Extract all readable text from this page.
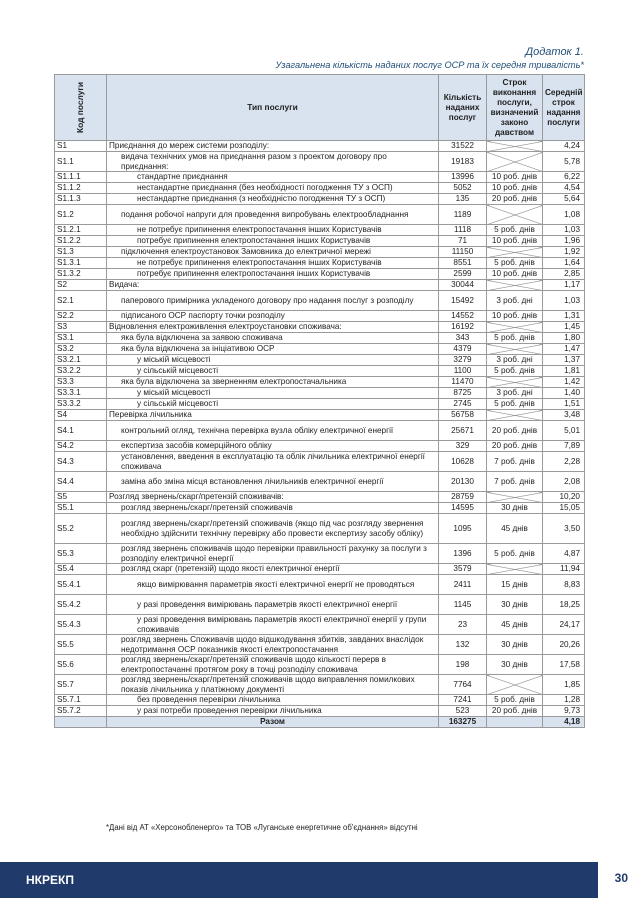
Додаток 1.
Узагальнена кількість наданих послуг ОСР та їх середня тривалість*
Код послуги	Тип послуги	Кількість наданих послуг	Строк виконання послуги, визначений законо давством	Середній строк надання послуги
S1	Приєднання до мереж системи розподілу:	31522		4,24
S1.1	видача технічних умов на приєднання разом з проектом договору про приєднання:	19183		5,78
S1.1.1	стандартне приєднання	13996	10 роб. днів	6,22
S1.1.2	нестандартне приєднання (без необхідності погодження ТУ з ОСП)	5052	10 роб. днів	4,54
S1.1.3	нестандартне приєднання (з необхідністю погодження ТУ з ОСП)	135	20 роб. днів	5,64
S1.2	подання робочої напруги для проведення випробувань електрообладнання	1189		1,08
S1.2.1	не потребує припинення електропостачання інших Користувачів	1118	5 роб. днів	1,03
S1.2.2	потребує припинення електропостачання інших Користувачів	71	10 роб. днів	1,96
S1.3	підключення електроустановок Замовника до електричної мережі	11150		1,92
S1.3.1	не потребує припинення електропостачання інших Користувачів	8551	5 роб. днів	1,64
S1.3.2	потребує припинення електропостачання інших Користувачів	2599	10 роб. днів	2,85
S2	Видача:	30044		1,17
S2.1	паперового примірника укладеного договору про надання послуг з розподілу	15492	3 роб. дні	1,03
S2.2	підписаного ОСР паспорту точки розподілу	14552	10 роб. днів	1,31
S3	Відновлення електроживлення електроустановки споживача:	16192		1,45
S3.1	яка була відключена за заявою споживача	343	5 роб. днів	1,80
S3.2	яка була відключена за ініціативою ОСР	4379		1,47
S3.2.1	у міській місцевості	3279	3 роб. дні	1,37
S3.2.2	у сільській місцевості	1100	5 роб. днів	1,81
S3.3	яка була відключена за зверненням електропостачальника	11470		1,42
S3.3.1	у міській місцевості	8725	3 роб. дні	1,40
S3.3.2	у сільській місцевості	2745	5 роб. днів	1,51
S4	Перевірка лічильника	56758		3,48
S4.1	контрольний огляд, технічна перевірка вузла обліку електричної енергії	25671	20 роб. днів	5,01
S4.2	експертиза засобів комерційного обліку	329	20 роб. днів	7,89
S4.3	установлення, введення в експлуатацію та облік лічильника електричної енергії споживача	10628	7 роб. днів	2,28
S4.4	заміна або зміна місця встановлення лічильників електричної енергії	20130	7 роб. днів	2,08
S5	Розгляд звернень/скарг/претензій споживачів:	28759		10,20
S5.1	розгляд звернень/скарг/претензій споживачів	14595	30 днів	15,05
S5.2	розгляд звернень/скарг/претензій споживачів (якщо під час розгляду звернення необхідно здійснити технічну перевірку або провести експертизу засобу обліку)	1095	45 днів	3,50
S5.3	розгляд звернень споживачів щодо перевірки правильності рахунку за послуги з розподілу електричної енергії	1396	5 роб. днів	4,87
S5.4	розгляд скарг (претензій) щодо якості електричної енергії	3579		11,94
S5.4.1	якщо вимірювання параметрів якості електричної енергії не проводяться	2411	15 днів	8,83
S5.4.2	у разі проведення вимірювань параметрів якості електричної енергії	1145	30 днів	18,25
S5.4.3	у разі проведення вимірювань параметрів якості електричної енергії у групи споживачів	23	45 днів	24,17
S5.5	розгляд звернень Споживачів щодо відшкодування збитків, завданих внаслідок недотримання ОСР показників якості електропостачання	132	30 днів	20,26
S5.6	розгляд звернень/скарг/претензій споживачів щодо кількості перерв в електропостачанні протягом року в точці розподілу споживача	198	30 днів	17,58
S5.7	розгляд звернень/скарг/претензій споживачів щодо виправлення помилкових показів лічильника у платіжному документі	7764		1,85
S5.7.1	без проведення перевірки лічильника	7241	5 роб. днів	1,28
S5.7.2	у разі потреби проведення перевірки лічильника	523	20 роб. днів	9,73
	Разом	163275		4,18
*Дані від АТ «Херсонобленерго» та ТОВ «Луганське енергетичне об'єднання» відсутні
НКРЕКП	30
